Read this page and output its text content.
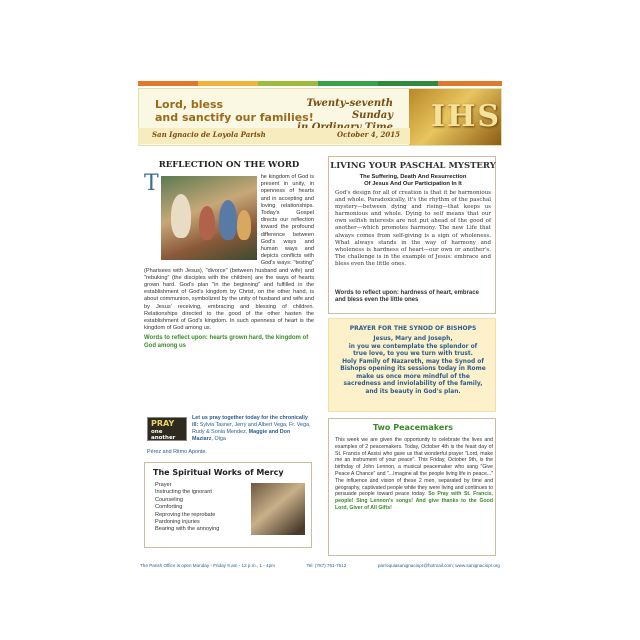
Lord, bless
and sanctify our families!
Twenty-seventh Sunday IHS
San Ignacio de Loyola Parish	October 4, 2015
REFLECTION ON THE WORD
T	he kingdom of God is present in unity, in openness of hearts and in accepting and loving relationships. Today's Gospel directs our reflection toward the profound difference between God's ways and human ways and depicts conflicts with God's ways: "testing" (Pharisees with Jesus), "divorce" (between husband and wife) and "rebuking" (the disciples with the children) are the ways of hearts grown hard. God's plan "in the beginning" and fulfilled in the establishment of God's kingdom by Christ, on the other hand, is about communion, symbolized by the unity of husband and wife and by Jesus' receiving, embracing and blessing of children. Relationships directed to the good of the other hasten the establishment of God's kingdom. In such openness of heart is the kingdom of God among us.
Words to reflect upon: hearts grown hard, the kingdom of God among us
PRAY
one another
Let us pray together today for the chronically ill: Sylvia Tasner, Jerry and Albert Vega, Fr. Vega, Rudy & Sonia Mendez, Maggie and Don Maziarz, Olga
Pérez and Ritmo Aponte.
The Spiritual Works of Mercy
Prayer
Instructing the ignorant
Counseling
Comforting
Reproving the reprobate
Pardoning injuries
Bearing with the annoying
LIVING YOUR PASCHAL MYSTERY
The Suffering, Death And Resurrection
Of Jesus And Our Participation In It
God's design for all of creation is that it be harmonious and whole. Paradoxically, it's the rhythm of the paschal mystery—between dying and rising—that keeps us harmonious and whole. Dying to self means that our own selfish interests are not put ahead of the good of another—which promotes harmony. The new Life that always comes from self-giving is a sign of wholeness. What always stands in the way of harmony and wholeness is hardness of heart—our own or another's. The challenge is in the example of Jesus: embrace and bless even the little ones.
Words to reflect upon: hardness of heart, embrace and bless even the little ones
PRAYER FOR THE SYNOD OF BISHOPS
Jesus, Mary and Joseph,
in you we contemplate the splendor of
true love, to you we turn with trust.
Holy Family of Nazareth, may the Synod of
Bishops opening its sessions today in Rome
make us once more mindful of the
sacredness and inviolability of the family,
and its beauty in God's plan.
Two Peacemakers
This week we are given the opportunity to celebrate the lives and examples of 2 peacemakers. Today, October 4th is the feast day of St. Francis of Assisi who gave us that wonderful prayer "Lord, make me an instrument of your peace". This Friday, October 9th, is the birthday of John Lennon, a musical peacemaker who sang "Give Peace A Chance" and "...Imagine all the people living life in peace..." The influence and vision of these 2 men, separated by time and geography, captivated people while they were living and continues to persuade people toward peace today. So Pray with St. Francis, people! Sing Lennon's songs! And give thanks to the Good Lord, Giver of All Gifts!
The Parish Office is open Monday - Friday 9 am - 12 p.m., 1 - 4pm	Tel: (787) 761-7512	parroquiasanignaciopr@hotmail.com; www.sanignaciopr.org
